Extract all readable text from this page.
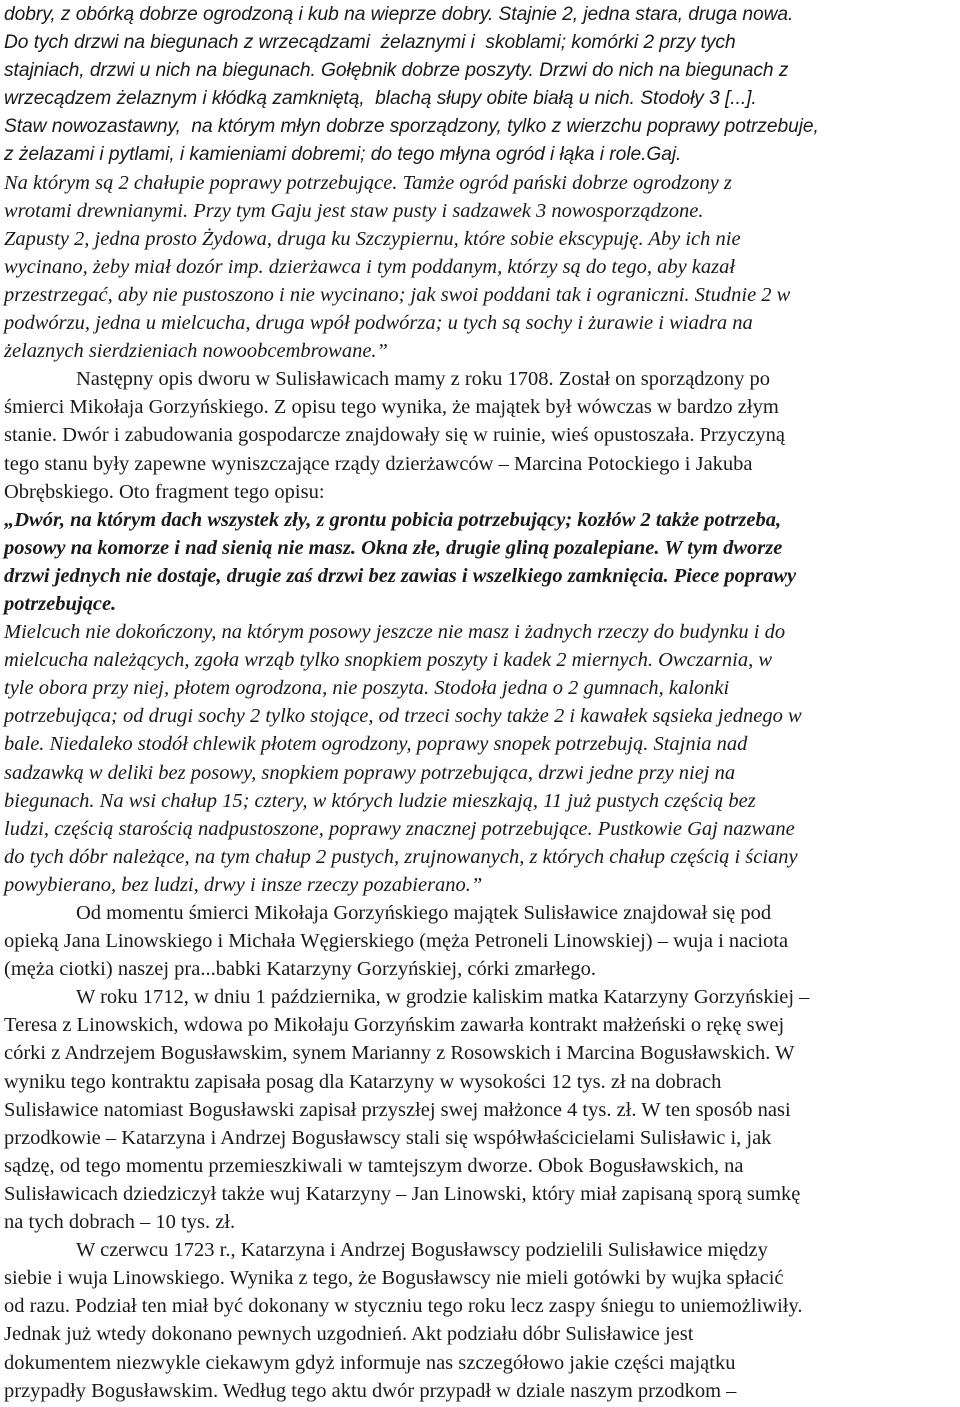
dobry, z obórką dobrze ogrodzoną i kub na wieprze dobry. Stajnie 2, jedna stara, druga nowa.
Do tych drzwi na biegunach z wrzecądzami  żelaznymi i  skoblami; komórki 2 przy tych
stajniach, drzwi u nich na biegunach. Gołębnik dobrze poszyty. Drzwi do nich na biegunach z
wrzecądzem żelaznym i kłódką zamkniętą,  blachą słupy obite białą u nich. Stodoły 3 [...].
Staw nowozastawny,  na którym młyn dobrze sporządzony, tylko z wierzchu poprawy potrzebuje,
z żelazami i pytlami, i kamieniami dobremi; do tego młyna ogród i łąka i role.Gaj.
Na którym są 2 chałupie poprawy potrzebujące. Tamże ogród pański dobrze ogrodzony z
wrotami drewnianymi. Przy tym Gaju jest staw pusty i sadzawek 3 nowosporządzone.
Zapusty 2, jedna prosto Żydowa, druga ku Szczypiernu, które sobie ekscypuję. Aby ich nie
wycinano, żeby miał dozór imp. dzierżawca i tym poddanym, którzy są do tego, aby kazał
przestrzegać, aby nie pustoszono i nie wycinano; jak swoi poddani tak i ograniczni. Studnie 2 w
podwórzu, jedna u mielcucha, druga wpół podwórza; u tych są sochy i żurawie i wiadra na
żelaznych sierdzieniach nowoobcembrowane.”
Następny opis dworu w Sulisławicach mamy z roku 1708. Został on sporządzony po
śmierci Mikołaja Gorzyńskiego. Z opisu tego wynika, że majątek był wówczas w bardzo złym
stanie. Dwór i zabudowania gospodarcze znajdowały się w ruinie, wieś opustoszała. Przyczyną
tego stanu były zapewne wyniszczające rządy dzierżawców – Marcina Potockiego i Jakuba
Obrębskiego. Oto fragment tego opisu:
„Dwór, na którym dach wszystek zły, z grontu pobicia potrzebujący; kozłów 2 także potrzeba,
posowy na komorze i nad sienią nie masz. Okna złe, drugie gliną pozalepiane. W tym dworze
drzwi jednych nie dostaje, drugie zaś drzwi bez zawias i wszelkiego zamknięcia. Piece poprawy
potrzebujące.
Mielcuch nie dokończony, na którym posowy jeszcze nie masz i żadnych rzeczy do budynku i do
mielcucha należących, zgoła wrząb tylko snopkiem poszyty i kadek 2 miernych. Owczarnia, w
tyle obora przy niej, płotem ogrodzona, nie poszyta. Stodoła jedna o 2 gumnach, kalonki
potrzebująca; od drugi sochy 2 tylko stojące, od trzeci sochy także 2 i kawałek sąsieka jednego w
bale. Niedaleko stodół chlewik płotem ogrodzony, poprawy snopek potrzebują. Stajnia nad
sadzawką w deliki bez posowy, snopkiem poprawy potrzebująca, drzwi jedne przy niej na
biegunach. Na wsi chałup 15; cztery, w których ludzie mieszkają, 11 już pustych częścią bez
ludzi, częścią starością nadpustoszone, poprawy znacznej potrzebujące. Pustkowie Gaj nazwane
do tych dóbr należące, na tym chałup 2 pustych, zrujnowanych, z których chałup częścią i ściany
powybierano, bez ludzi, drwy i insze rzeczy pozabierano.”
Od momentu śmierci Mikołaja Gorzyńskiego majątek Sulisławice znajdował się pod
opieką Jana Linowskiego i Michała Węgierskiego (męża Petroneli Linowskiej) – wuja i naciota
(męża ciotki) naszej pra...babki Katarzyny Gorzyńskiej, córki zmarłego.
W roku 1712, w dniu 1 października, w grodzie kaliskim matka Katarzyny Gorzyńskiej –
Teresa z Linowskich, wdowa po Mikołaju Gorzyńskim zawarła kontrakt małżeński o rękę swej
córki z Andrzejem Bogusławskim, synem Marianny z Rosowskich i Marcina Bogusławskich. W
wyniku tego kontraktu zapisała posag dla Katarzyny w wysokości 12 tys. zł na dobrach
Sulisławice natomiast Bogusławski zapisał przyszłej swej małżonce 4 tys. zł. W ten sposób nasi
przodkowie – Katarzyna i Andrzej Bogusławscy stali się współwłaścicielami Sulisławic i, jak
sądzę, od tego momentu przemieszkiwali w tamtejszym dworze. Obok Bogusławskich, na
Sulisławicach dziedziczył także wuj Katarzyny – Jan Linowski, który miał zapisaną sporą sumkę
na tych dobrach – 10 tys. zł.
W czerwcu 1723 r., Katarzyna i Andrzej Bogusławscy podzielili Sulisławice między
siebie i wuja Linowskiego. Wynika z tego, że Bogusławscy nie mieli gotówki by wujka spłacić
od razu. Podział ten miał być dokonany w styczniu tego roku lecz zaspy śniegu to uniemożliwiły.
Jednak już wtedy dokonano pewnych uzgodnień. Akt podziału dóbr Sulisławice jest
dokumentem niezwykle ciekawym gdyż informuje nas szczegółowo jakie części majątku
przypadły Bogusławskim. Według tego aktu dwór przypadł w dziale naszym przodkom –
